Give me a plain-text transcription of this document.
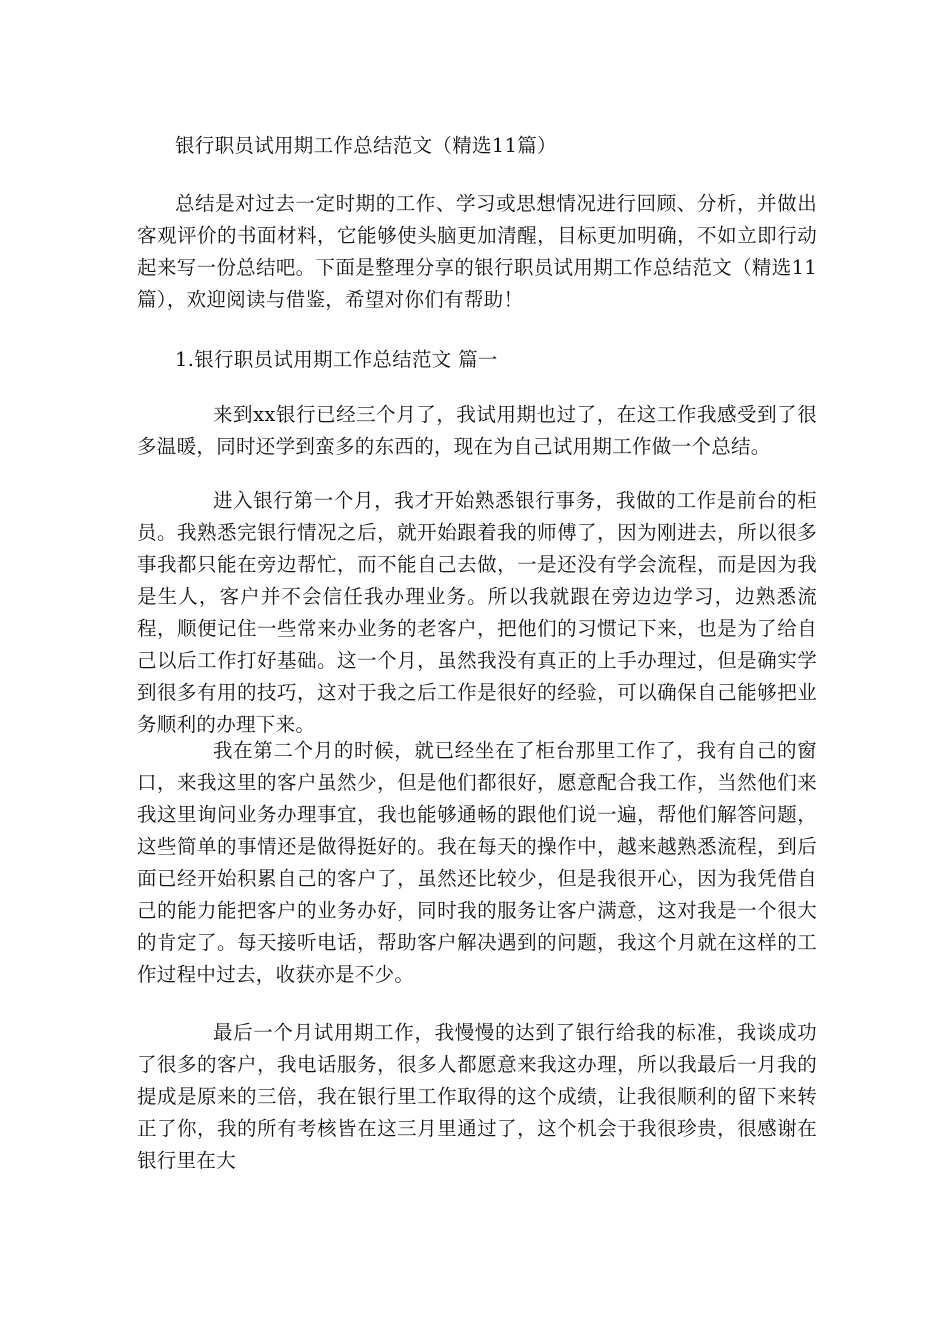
银行职员试用期工作总结范文（精选11篇）

总结是对过去一定时期的工作、学习或思想情况进行回顾、分析，并做出客观评价的书面材料，它能够使头脑更加清醒，目标更加明确，不如立即行动起来写一份总结吧。下面是整理分享的银行职员试用期工作总结范文（精选11篇），欢迎阅读与借鉴，希望对你们有帮助！

1.银行职员试用期工作总结范文 篇一

来到xx银行已经三个月了，我试用期也过了，在这工作我感受到了很多温暖，同时还学到蛮多的东西的，现在为自己试用期工作做一个总结。

进入银行第一个月，我才开始熟悉银行事务，我做的工作是前台的柜员。我熟悉完银行情况之后，就开始跟着我的师傅了，因为刚进去，所以很多事我都只能在旁边帮忙，而不能自己去做，一是还没有学会流程，而是因为我是生人，客户并不会信任我办理业务。所以我就跟在旁边边学习，边熟悉流程，顺便记住一些常来办业务的老客户，把他们的习惯记下来，也是为了给自己以后工作打好基础。这一个月，虽然我没有真正的上手办理过，但是确实学到很多有用的技巧，这对于我之后工作是很好的经验，可以确保自己能够把业务顺利的办理下来。

我在第二个月的时候，就已经坐在了柜台那里工作了，我有自己的窗口，来我这里的客户虽然少，但是他们都很好，愿意配合我工作，当然他们来我这里询问业务办理事宜，我也能够通畅的跟他们说一遍，帮他们解答问题，这些简单的事情还是做得挺好的。我在每天的操作中，越来越熟悉流程，到后面已经开始积累自己的客户了，虽然还比较少，但是我很开心，因为我凭借自己的能力能把客户的业务办好，同时我的服务让客户满意，这对我是一个很大的肯定了。每天接听电话，帮助客户解决遇到的问题，我这个月就在这样的工作过程中过去，收获亦是不少。

最后一个月试用期工作，我慢慢的达到了银行给我的标准，我谈成功了很多的客户，我电话服务，很多人都愿意来我这办理，所以我最后一月我的提成是原来的三倍，我在银行里工作取得的这个成绩，让我很顺利的留下来转正了你，我的所有考核皆在这三月里通过了，这个机会于我很珍贵，很感谢在银行里在大
